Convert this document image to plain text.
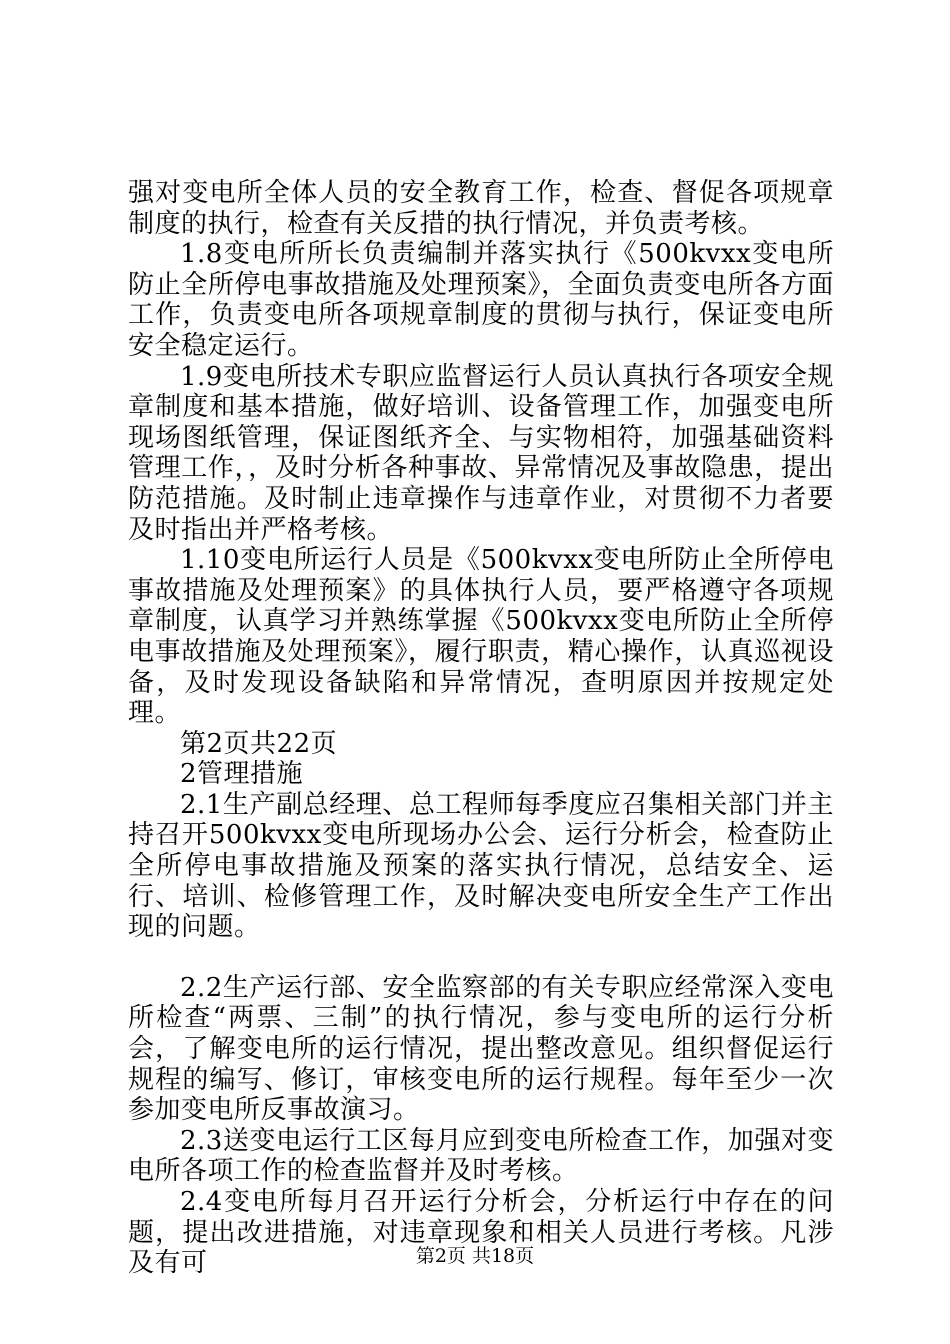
强对变电所全体人员的安全教育工作，检查、督促各项规章制度的执行，检查有关反措的执行情况，并负责考核。

1.8变电所所长负责编制并落实执行《500kvxx变电所防止全所停电事故措施及处理预案》，全面负责变电所各方面工作，负责变电所各项规章制度的贯彻与执行，保证变电所安全稳定运行。

1.9变电所技术专职应监督运行人员认真执行各项安全规章制度和基本措施，做好培训、设备管理工作，加强变电所现场图纸管理，保证图纸齐全、与实物相符，加强基础资料管理工作，，及时分析各种事故、异常情况及事故隐患，提出防范措施。及时制止违章操作与违章作业，对贯彻不力者要及时指出并严格考核。

1.10变电所运行人员是《500kvxx变电所防止全所停电事故措施及处理预案》的具体执行人员，要严格遵守各项规章制度，认真学习并熟练掌握《500kvxx变电所防止全所停电事故措施及处理预案》，履行职责，精心操作，认真巡视设备，及时发现设备缺陷和异常情况，查明原因并按规定处理。

第2页共22页

2管理措施

2.1生产副总经理、总工程师每季度应召集相关部门并主持召开500kvxx变电所现场办公会、运行分析会，检查防止全所停电事故措施及预案的落实执行情况，总结安全、运行、培训、检修管理工作，及时解决变电所安全生产工作出现的问题。

2.2生产运行部、安全监察部的有关专职应经常深入变电所检查“两票、三制”的执行情况，参与变电所的运行分析会，了解变电所的运行情况，提出整改意见。组织督促运行规程的编写、修订，审核变电所的运行规程。每年至少一次参加变电所反事故演习。

2.3送变电运行工区每月应到变电所检查工作，加强对变电所各项工作的检查监督并及时考核。

2.4变电所每月召开运行分析会，分析运行中存在的问题，提出改进措施，对违章现象和相关人员进行考核。凡涉及有可	第2页 共18页
